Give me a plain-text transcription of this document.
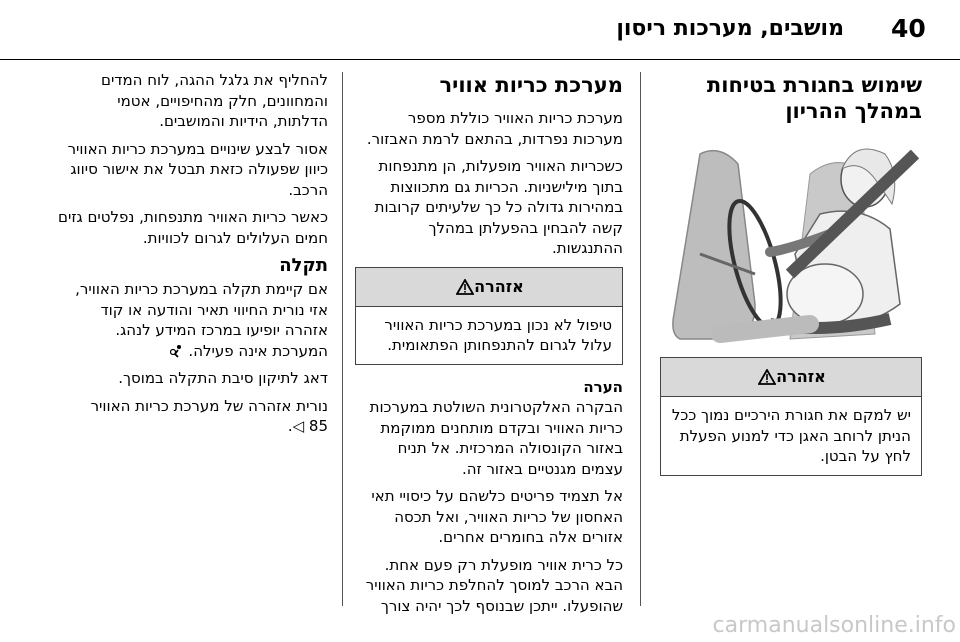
40
מושבים, מערכות ריסון
שימוש בחגורת בטיחות במהלך ההריון
אזהרה
יש למקם את חגורת הירכיים נמוך ככל הניתן לרוחב האגן כדי למנוע הפעלת לחץ על הבטן.
מערכת כריות אוויר

מערכת כריות האוויר כוללת מספר מערכות נפרדות, בהתאם לרמת האבזור.

כשכריות האוויר מופעלות, הן מתנפחות בתוך מילישניות. הכריות גם מתכווצות במהירות גדולה כל כך שלעיתים קרובות קשה להבחין בהפעלתן במהלך ההתנגשות.

אזהרה
טיפול לא נכון במערכת כריות האוויר עלול לגרום להתנפחותן הפתאומית.
הערה

הבקרה האלקטרונית השולטת במערכות כריות האוויר ובקדם מותחנים ממוקמת באזור הקונסולה המרכזית. אל תניח עצמים מגנטיים באזור זה.

אל תצמיד פריטים כלשהם על כיסויי תאי האחסון של כריות האוויר, ואל תכסה אזורים אלה בחומרים אחרים.

כל כרית אוויר מופעלת רק פעם אחת. הבא הרכב למוסך להחלפת כריות האוויר שהופעלו. ייתכן שבנוסף לכך יהיה צורך

להחליף את גלגל ההגה, לוח המדים והמחוונים, חלק מהחיפויים, אטמי הדלתות, הידיות והמושבים.

אסור לבצע שינויים במערכת כריות האוויר כיוון שפעולה כזאת תבטל את אישור סיווג הרכב.

כאשר כריות האוויר מתנפחות, נפלטים גזים חמים העלולים לגרום לכוויות.

תקלה

אם קיימת תקלה במערכת כריות האוויר, אזי נורית החיווי תאיר והודעה או קוד אזהרה יופיעו במרכז המידע לנהג. המערכת אינה פעילה.

דאג לתיקון סיבת התקלה במוסך.

נורית אזהרה של מערכת כריות האוויר
85 ◁.

carmanualsonline.info
